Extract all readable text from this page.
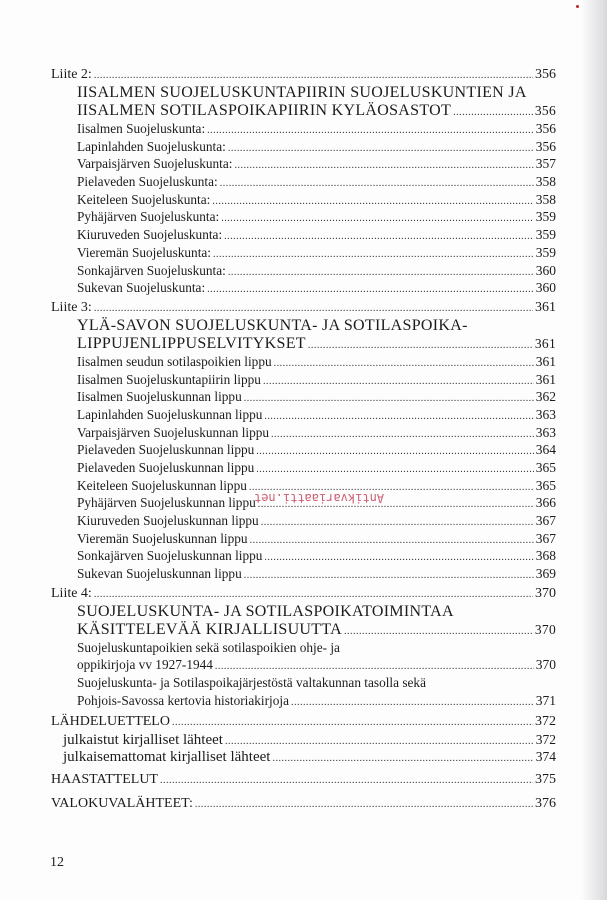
Liite 2: .....	356
IISALMEN SUOJELUSKUNTAPIIRIN SUOJELUSKUNTIEN JA
IISALMEN SOTILASPOIKAPIIRIN KYLÄOSASTOT .....	356
Iisalmen Suojeluskunta: .....	356
Lapinlahden Suojeluskunta: .....	356
Varpaisjärven Suojeluskunta: .....	357
Pielaveden Suojeluskunta: .....	358
Keiteleen Suojeluskunta: .....	358
Pyhäjärven Suojeluskunta: .....	359
Kiuruveden Suojeluskunta: .....	359
Vieremän Suojeluskunta: .....	359
Sonkajärven Suojeluskunta: .....	360
Sukevan Suojeluskunta: .....	360
Liite 3: .....	361
YLÄ-SAVON SUOJELUSKUNTA- JA SOTILASPOIKA-
LIPPUJENLIPPUSELVITYKSET .....	361
Iisalmen seudun sotilaspoikien lippu .....	361
Iisalmen Suojeluskuntapiirin lippu .....	361
Iisalmen Suojeluskunnan lippu .....	362
Lapinlahden Suojeluskunnan lippu .....	363
Varpaisjärven Suojeluskunnan lippu .....	363
Pielaveden Suojeluskunnan lippu .....	364
Pielaveden Suojeluskunnan lippu .....	365
Keiteleen Suojeluskunnan lippu .....	365
Pyhäjärven Suojeluskunnan lippu .....	366
Kiuruveden Suojeluskunnan lippu .....	367
Vieremän Suojeluskunnan lippu .....	367
Sonkajärven Suojeluskunnan lippu .....	368
Sukevan Suojeluskunnan lippu .....	369
Liite 4: .....	370
SUOJELUSKUNTA- JA SOTILASPOIKATOIMINTAA
KÄSITTELEVÄÄ KIRJALLISUUTTA .....	370
Suojeluskuntapoikien sekä sotilaspoikien ohje- ja
oppikirjoja vv 1927-1944 .....	370
Suojeluskunta- ja Sotilaspoikajärjestöstä valtakunnan tasolla sekä
Pohjois-Savossa kertovia historiakirjoja .....	371
LÄHDELUETTELO .....	372
julkaistut kirjalliset lähteet .....	372
julkaisemattomat kirjalliset lähteet .....	374
HAASTATTELUT .....	375
VALOKUVALÄHTEET: .....	376
Antikvariaatti.net
12
